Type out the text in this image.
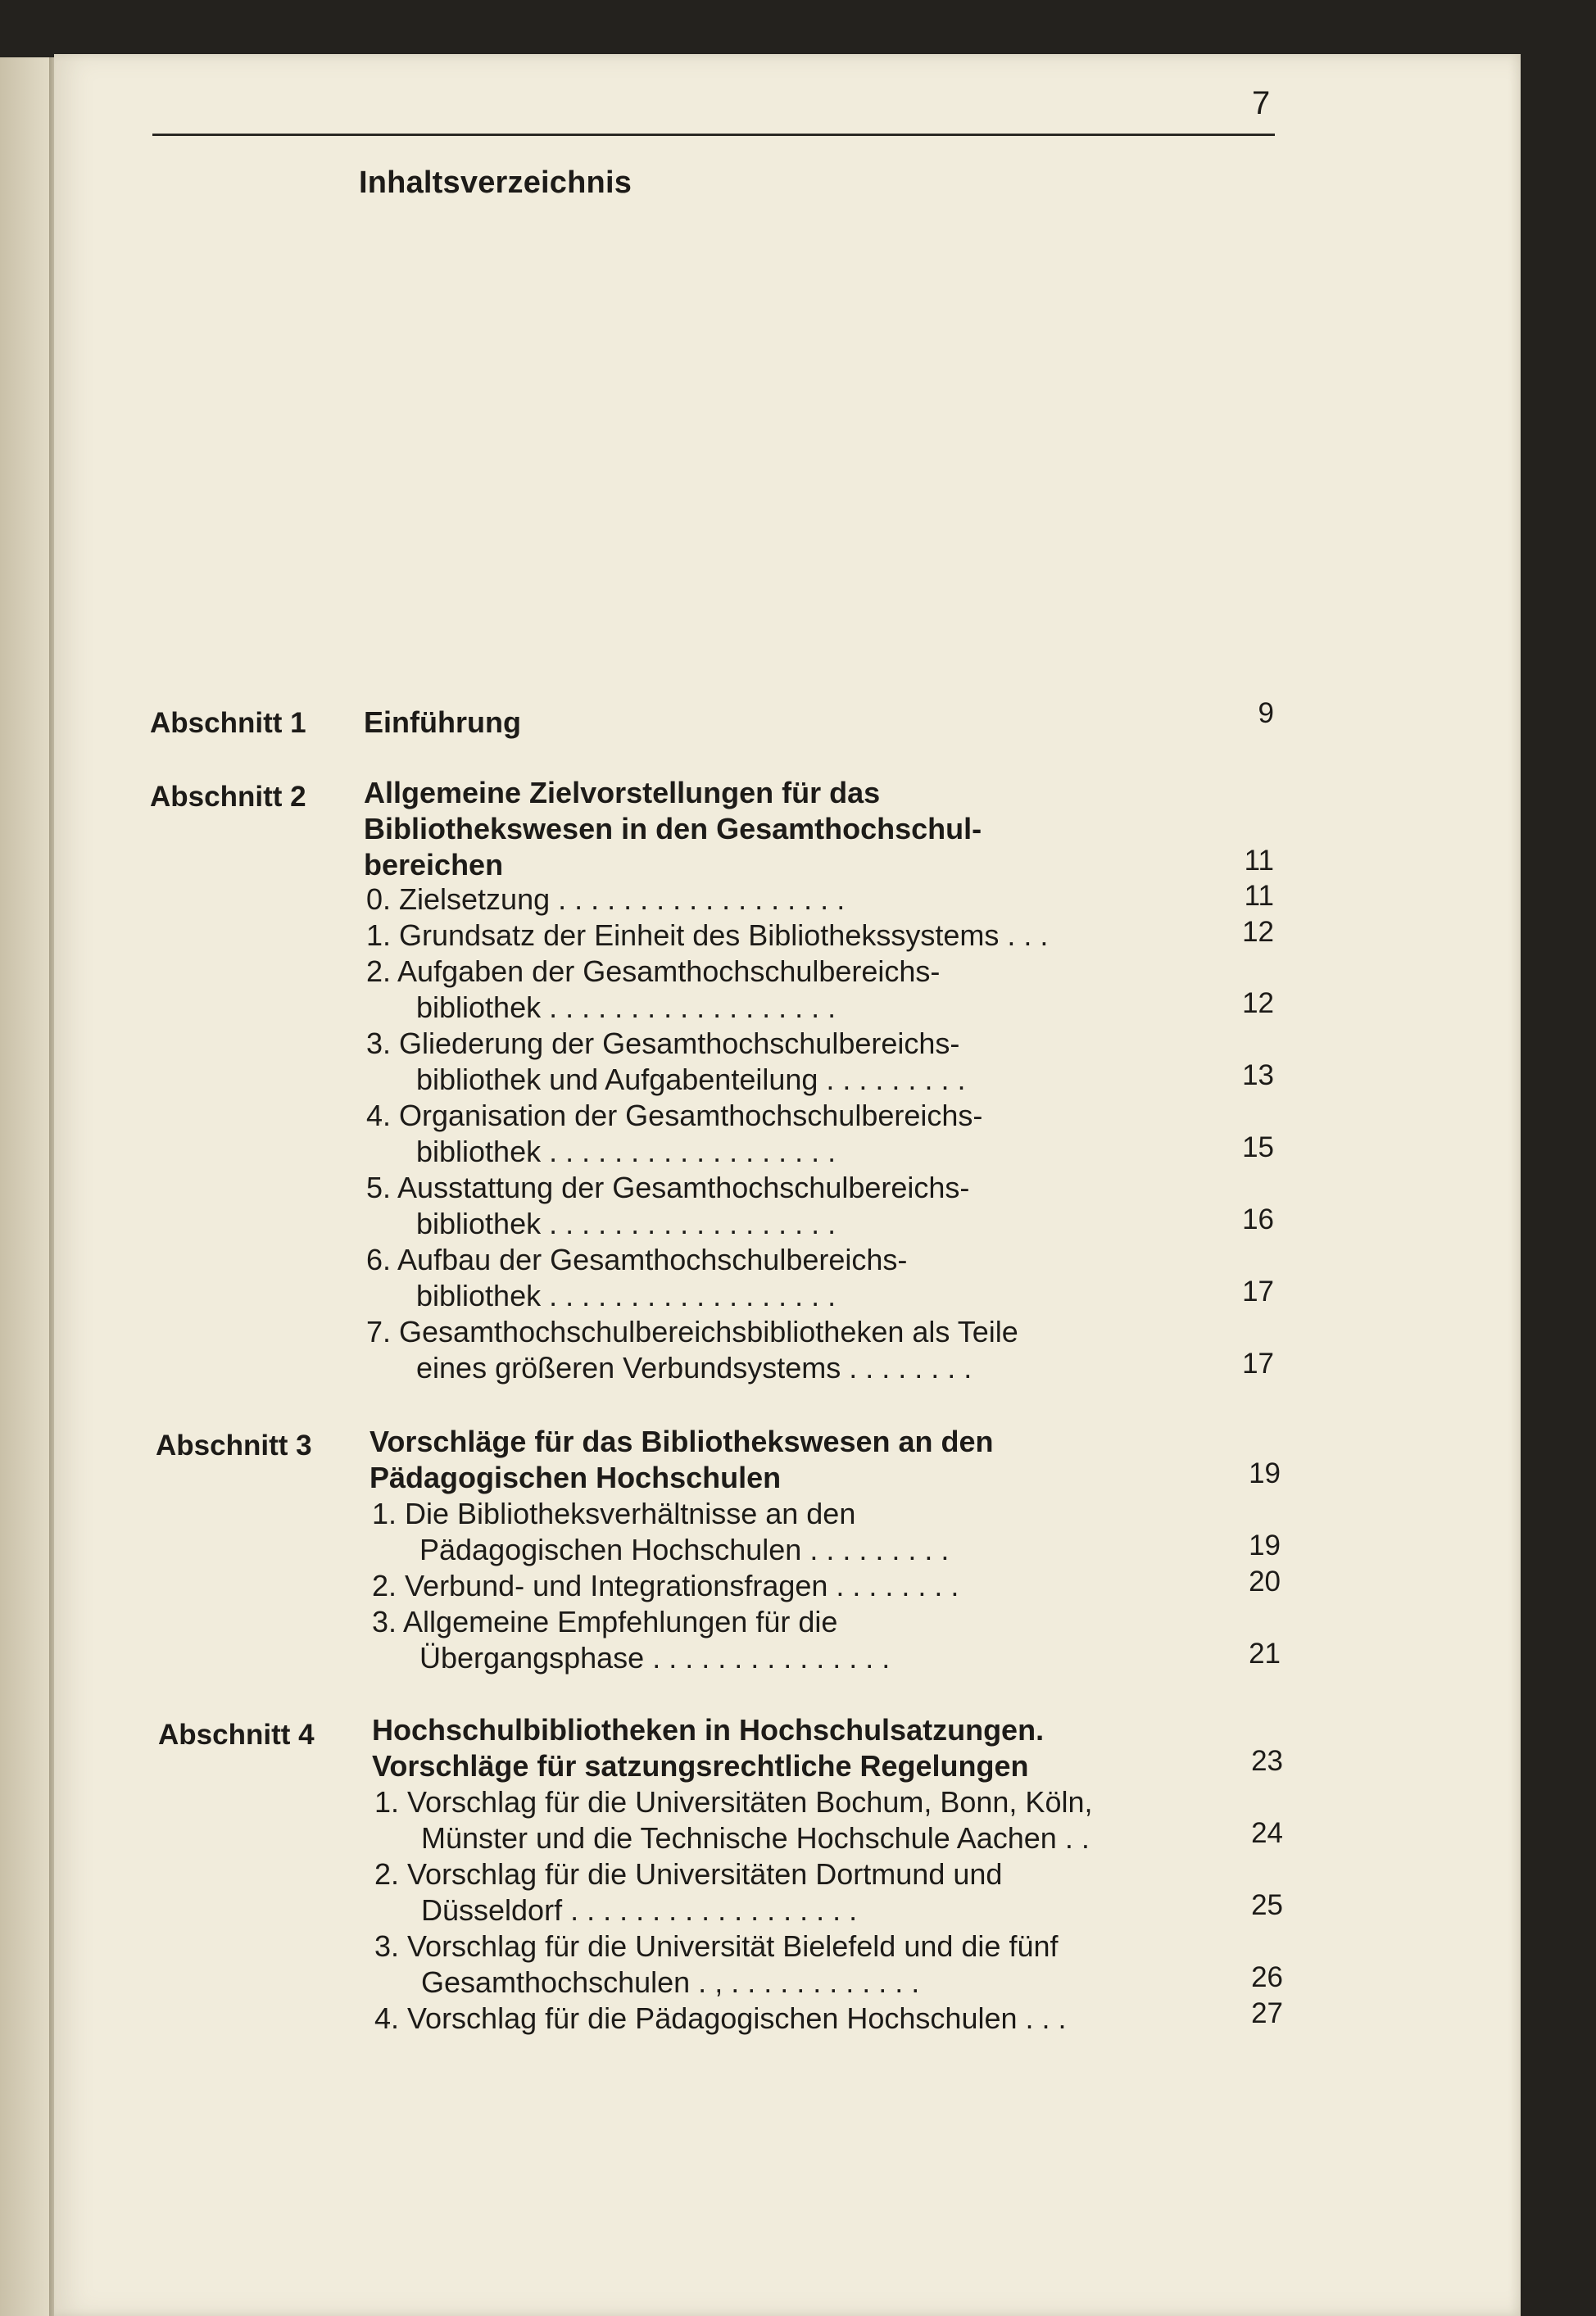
7
Inhaltsverzeichnis
Abschnitt 1 Einführung	9
Abschnitt 2 Allgemeine Zielvorstellungen für das
Bibliothekswesen in den Gesamthochschul-
bereichen	11
0. Zielsetzung . . . . . . . . . . . . . . . . . .	11
1. Grundsatz der Einheit des Bibliothekssystems . . .	12
2. Aufgaben der Gesamthochschulbereichs-
bibliothek . . . . . . . . . . . . . . . . . .	12
3. Gliederung der Gesamthochschulbereichs-
bibliothek und Aufgabenteilung . . . . . . . . .	13
4. Organisation der Gesamthochschulbereichs-
bibliothek . . . . . . . . . . . . . . . . . .	15
5. Ausstattung der Gesamthochschulbereichs-
bibliothek . . . . . . . . . . . . . . . . . .	16
6. Aufbau der Gesamthochschulbereichs-
bibliothek . . . . . . . . . . . . . . . . . .	17
7. Gesamthochschulbereichsbibliotheken als Teile
eines größeren Verbundsystems . . . . . . . .	17
Abschnitt 3 Vorschläge für das Bibliothekswesen an den
Pädagogischen Hochschulen	19
1. Die Bibliotheksverhältnisse an den
Pädagogischen Hochschulen . . . . . . . . .	19
2. Verbund- und Integrationsfragen . . . . . . . .	20
3. Allgemeine Empfehlungen für die
Übergangsphase . . . . . . . . . . . . . . .	21
Abschnitt 4 Hochschulbibliotheken in Hochschulsatzungen.
Vorschläge für satzungsrechtliche Regelungen	23
1. Vorschlag für die Universitäten Bochum, Bonn, Köln,
Münster und die Technische Hochschule Aachen . .	24
2. Vorschlag für die Universitäten Dortmund und
Düsseldorf . . . . . . . . . . . . . . . . . .	25
3. Vorschlag für die Universität Bielefeld und die fünf
Gesamthochschulen . , . . . . . . . . . . . .	26
4. Vorschlag für die Pädagogischen Hochschulen . . .	27
